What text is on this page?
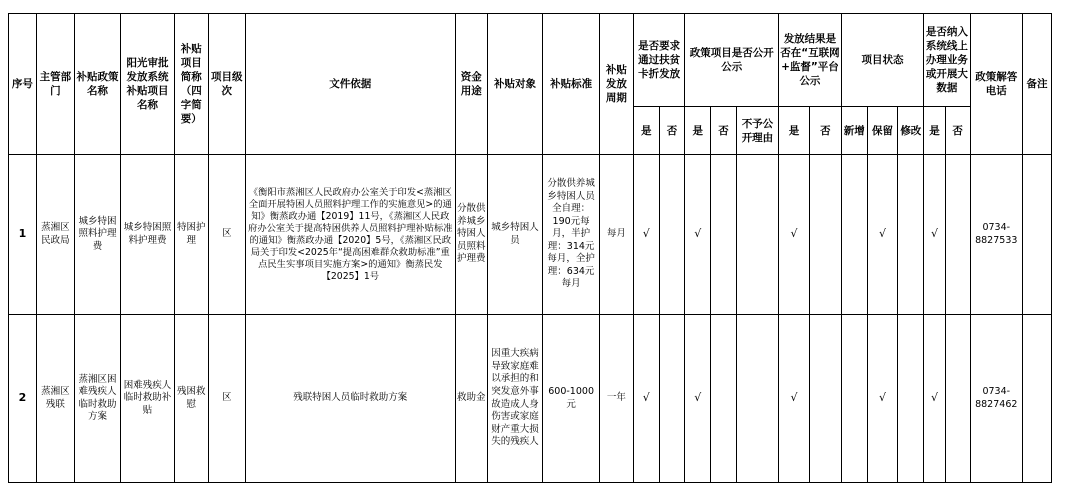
序号	主管部门	补贴政策名称	阳光审批发放系统补贴项目名称	补贴项目简称（四字简要）	项目级次	文件依据	资金用途	补贴对象	补贴标准	补贴发放周期	是否要求通过扶贫卡折发放		政策项目是否公开公示			发放结果是否在“互联网+监督”平台公示		项目状态			是否纳入系统线上办理业务或开展大数据		政策解答电话	备注
											是	否	是	否	不予公开理由	是	否	新增	保留	修改	是	否		
1	蒸湘区民政局	城乡特困照料护理费	城乡特困照料护理费	特困护理	区	《衡阳市蒸湘区人民政府办公室关于印发<蒸湘区全面开展特困人员照料护理工作的实施意见>的通知》衡蒸政办通【2019】11号，《蒸湘区人民政府办公室关于提高特困供养人员照料护理补贴标准的通知》衡蒸政办通【2020】5号，《蒸湘区民政局关于印发<2025年“提高困难群众救助标准”重点民生实事项目实施方案>的通知》衡蒸民发【2025】1号	分散供养城乡特困人员照料护理费	城乡特困人员	分散供养城乡特困人员全自理：190元每月，半护理：314元每月，全护理：634元每月	每月	√		√			√			√		√		0734-8827533	
2	蒸湘区残联	蒸湘区困难残疾人临时救助方案	困难残疾人临时救助补贴	残困救慰	区	残联特困人员临时救助方案	救助金	因重大疾病导致家庭难以承担的和突发意外事故造成人身伤害或家庭财产重大损失的残疾人	600-1000元	一年	√		√			√			√		√		0734-8827462	
